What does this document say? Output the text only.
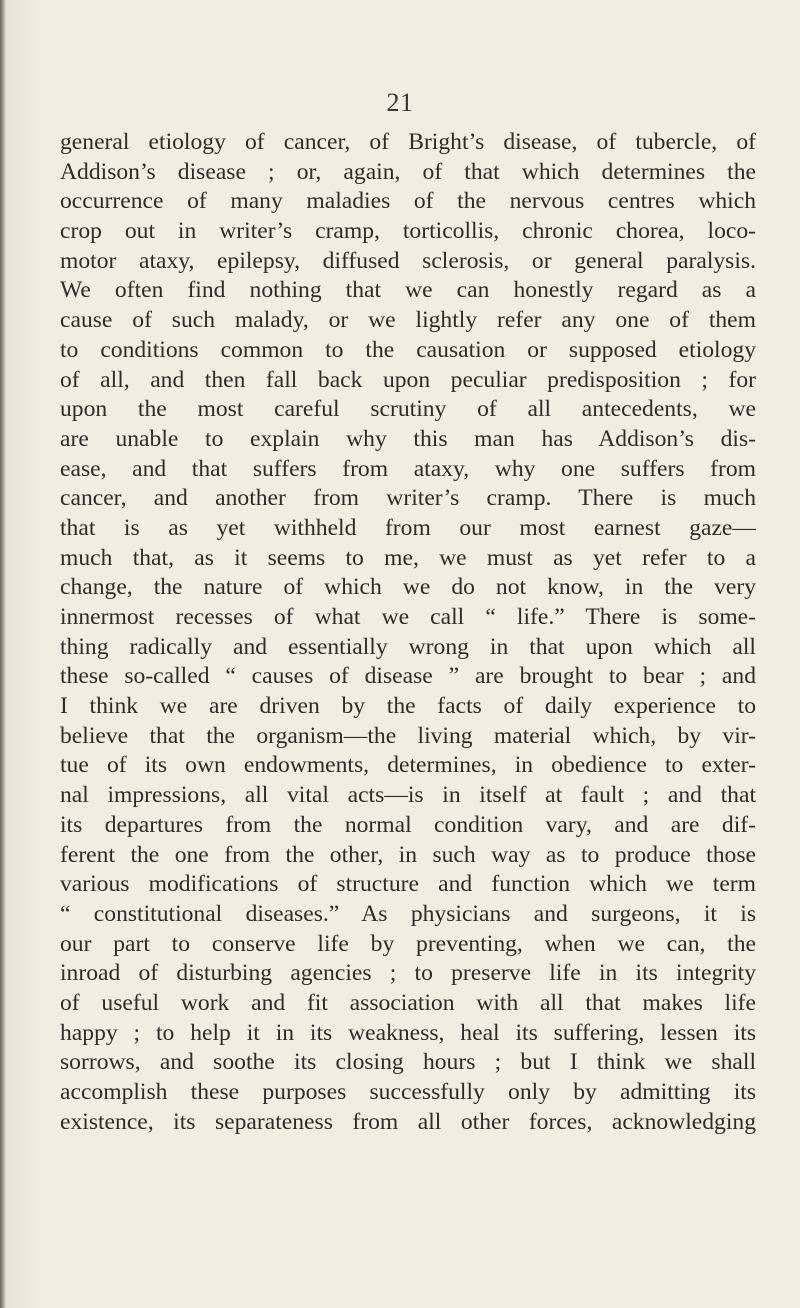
21
general etiology of cancer, of Bright’s disease, of tubercle, of
Addison’s disease ; or, again, of that which determines the
occurrence of many maladies of the nervous centres which
crop out in writer’s cramp, torticollis, chronic chorea, loco-
motor ataxy, epilepsy, diffused sclerosis, or general paralysis.
We often find nothing that we can honestly regard as a
cause of such malady, or we lightly refer any one of them
to conditions common to the causation or supposed etiology
of all, and then fall back upon peculiar predisposition ; for
upon the most careful scrutiny of all antecedents, we
are unable to explain why this man has Addison’s dis-
ease, and that suffers from ataxy, why one suffers from
cancer, and another from writer’s cramp. There is much
that is as yet withheld from our most earnest gaze—
much that, as it seems to me, we must as yet refer to a
change, the nature of which we do not know, in the very
innermost recesses of what we call “ life.” There is some-
thing radically and essentially wrong in that upon which all
these so-called “ causes of disease ” are brought to bear ; and
I think we are driven by the facts of daily experience to
believe that the organism—the living material which, by vir-
tue of its own endowments, determines, in obedience to exter-
nal impressions, all vital acts—is in itself at fault ; and that
its departures from the normal condition vary, and are dif-
ferent the one from the other, in such way as to produce those
various modifications of structure and function which we term
“ constitutional diseases.” As physicians and surgeons, it is
our part to conserve life by preventing, when we can, the
inroad of disturbing agencies ; to preserve life in its integrity
of useful work and fit association with all that makes life
happy ; to help it in its weakness, heal its suffering, lessen its
sorrows, and soothe its closing hours ; but I think we shall
accomplish these purposes successfully only by admitting its
existence, its separateness from all other forces, acknowledging
